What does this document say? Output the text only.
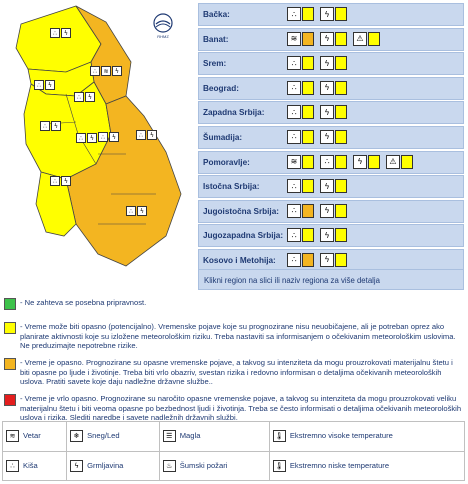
RHMZ
∴	ϟ
∴	≋	ϟ
∴	ϟ
∴	ϟ
∴	ϟ
∴	ϟ	∴	ϟ	∴	ϟ
∴	ϟ
∴	ϟ
Bačka:	∴	ϟ
Banat:	≋	ϟ	⚠
Srem:	∴	ϟ
Beograd:	∴	ϟ
Zapadna Srbija:	∴	ϟ
Šumadija:	∴	ϟ
Pomoravlje:	≋	∴	ϟ	⚠
Istočna Srbija:	∴	ϟ
Jugoistočna Srbija:	∴	ϟ
Jugozapadna Srbija:	∴	ϟ
Kosovo i Metohija:	∴	ϟ
Klikni region na slici ili naziv regiona za više detalja
- Ne zahteva se posebna pripravnost.
- Vreme može biti opasno (potencijalno). Vremenske pojave koje su prognozirane nisu neuobičajene, ali je potreban oprez ako planirate aktivnosti koje su izložene meteorološkim riziku. Treba nastaviti sa informisanjem o očekivanim meteorološkim uslovima. Ne preduzimajte nepotrebne rizike.
- Vreme je opasno. Prognozirane su opasne vremenske pojave, a takvog su intenziteta da mogu prouzrokovati materijalnu štetu i biti opasne po ljude i životinje. Treba biti vrlo obazriv, svestan rizika i redovno informisan o detaljima očekivanih meteoroloških uslova. Pratiti savete koje daju nadležne državne službe..
- Vreme je vrlo opasno. Prognozirane su naročito opasne vremenske pojave, a takvog su intenziteta da mogu prouzrokovati veliku materijalnu štetu i biti veoma opasne po bezbednost ljudi i životinja. Treba se često informisati o detaljima očekivanih meteoroloških uslova i rizika. Slediti naredbe i savete nadležnih državnih službi.
≋ Vetar	❄ Sneg/Led	☰ Magla	🌡 Ekstremno visoke temperature
∴ Kiša	ϟ Grmljavina	♨ Šumski požari	🌡 Ekstremno niske temperature
